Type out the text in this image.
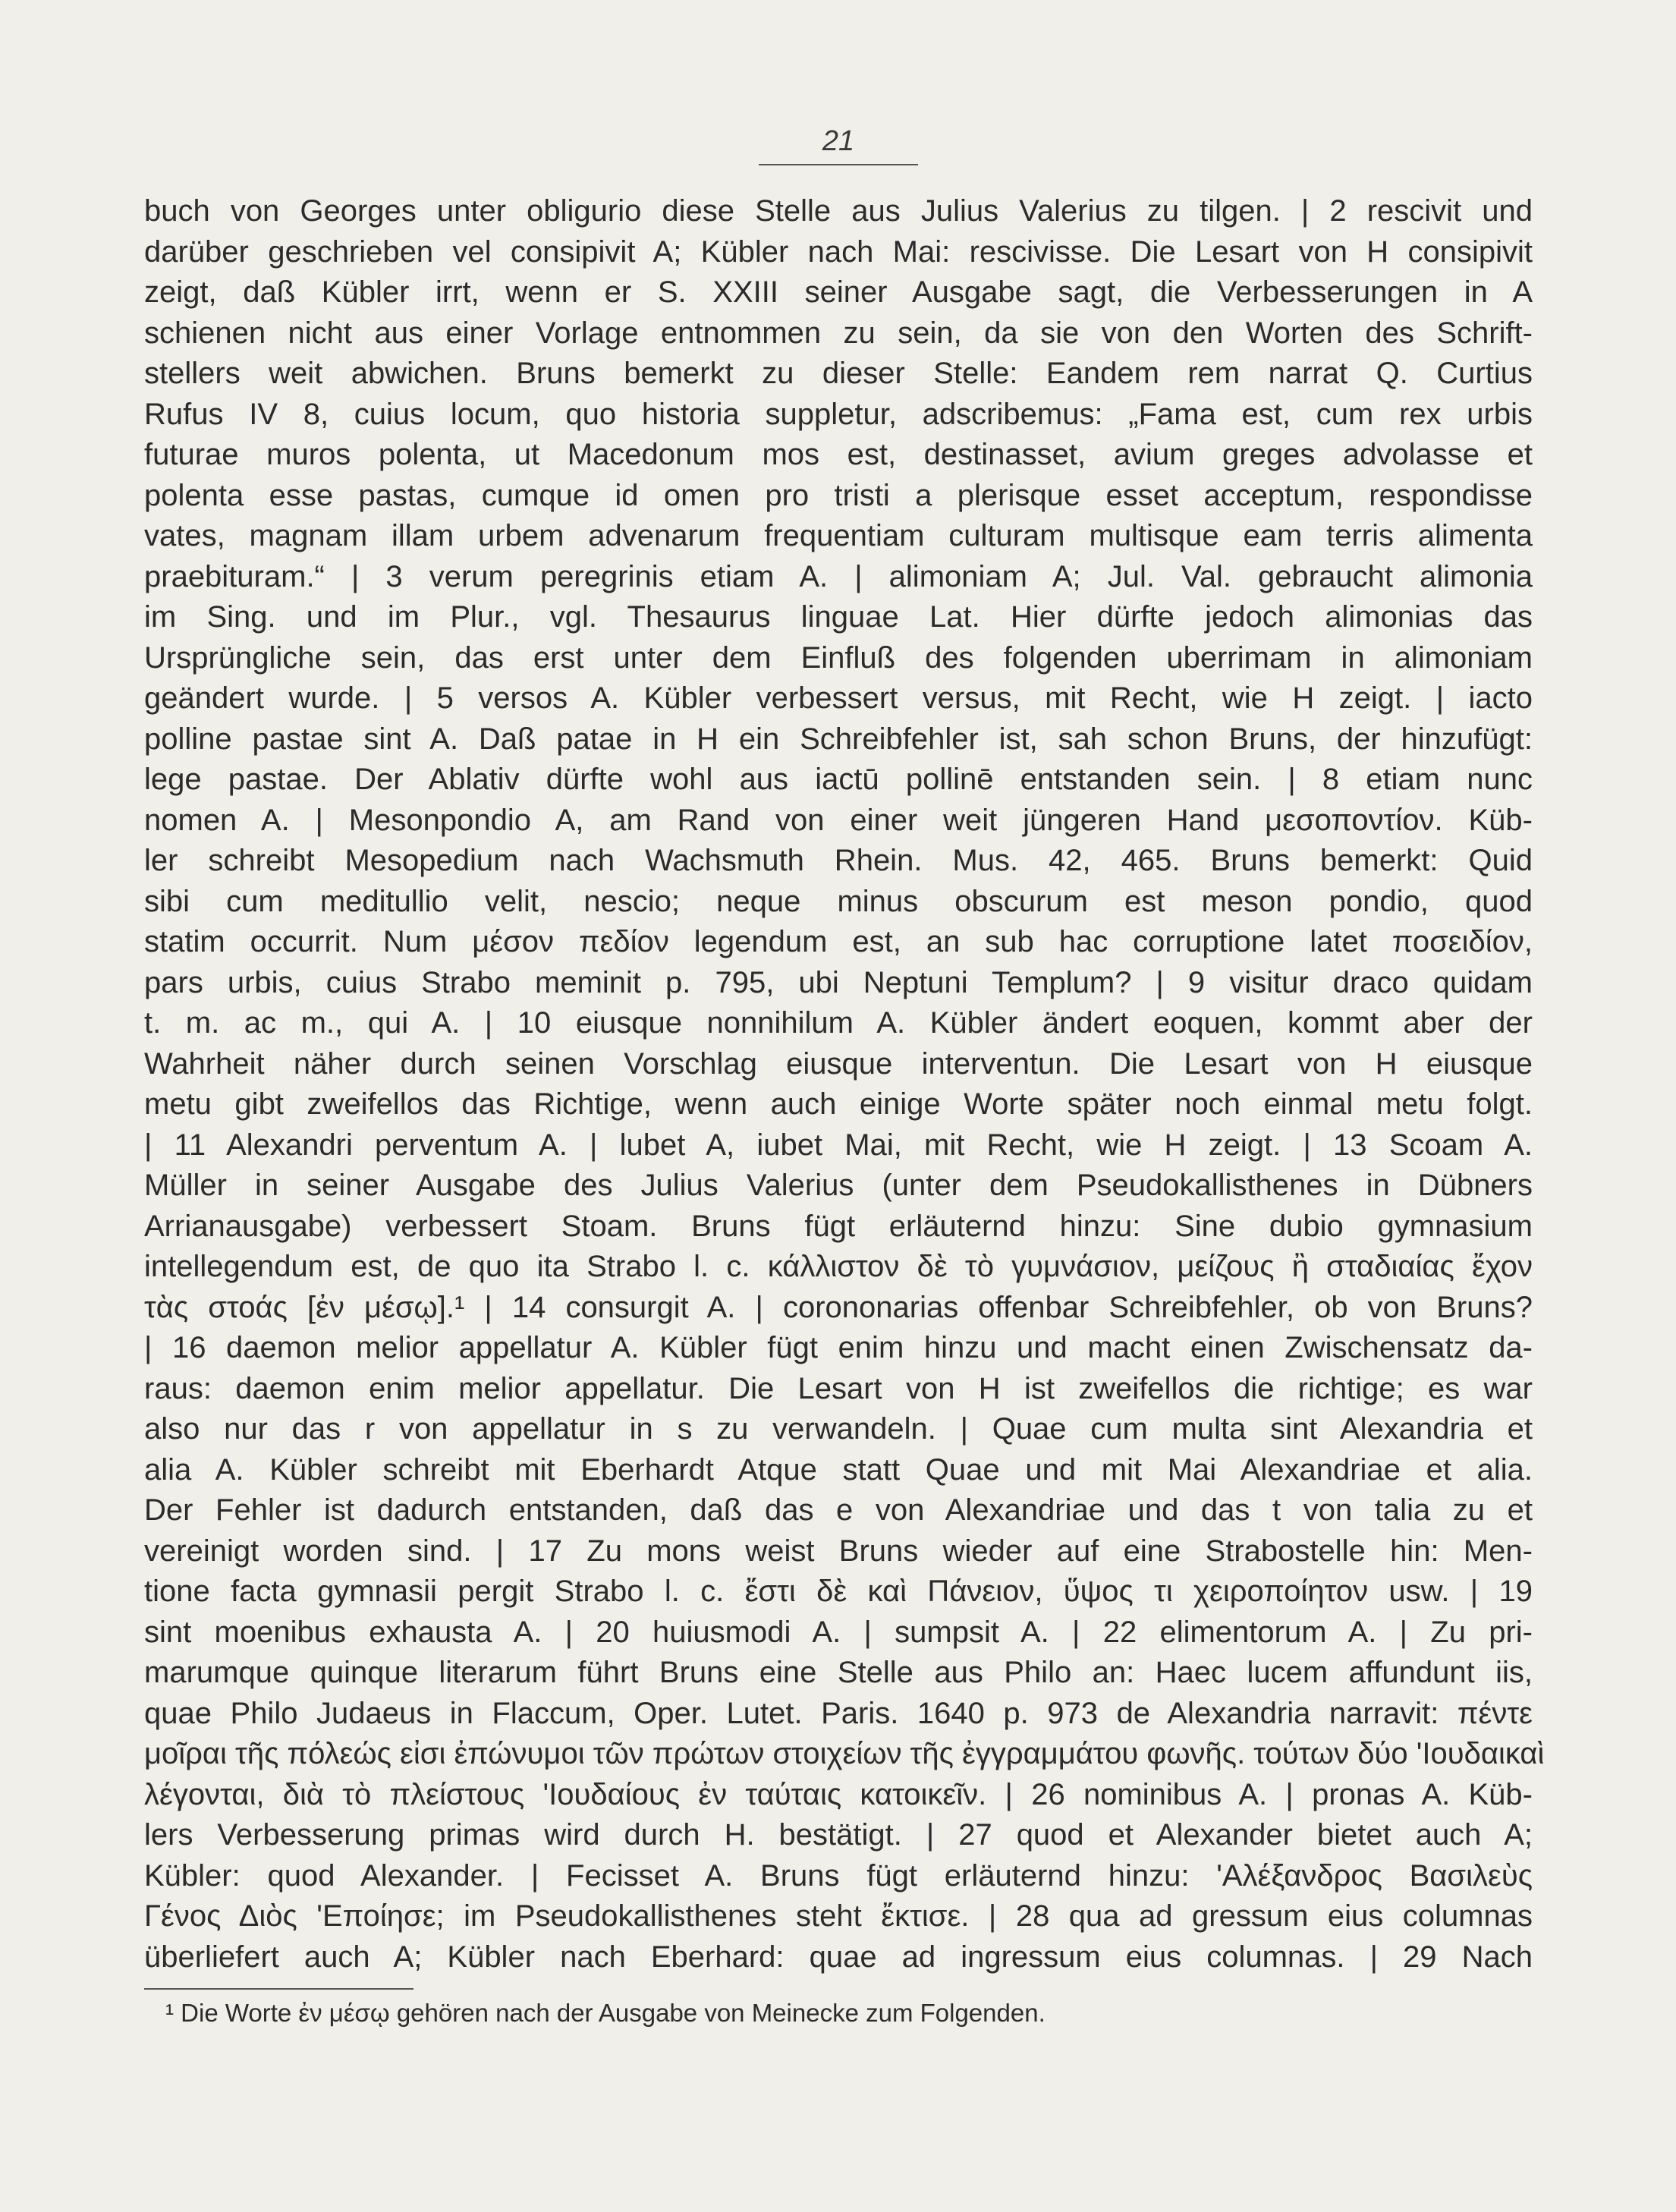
21
buch von Georges unter obligurio diese Stelle aus Julius Valerius zu tilgen. | 2 rescivit und
darüber geschrieben vel consipivit A; Kübler nach Mai: rescivisse. Die Lesart von H consipivit
zeigt, daß Kübler irrt, wenn er S. XXIII seiner Ausgabe sagt, die Verbesserungen in A
schienen nicht aus einer Vorlage entnommen zu sein, da sie von den Worten des Schrift-
stellers weit abwichen. Bruns bemerkt zu dieser Stelle: Eandem rem narrat Q. Curtius
Rufus IV 8, cuius locum, quo historia suppletur, adscribemus: „Fama est, cum rex urbis
futurae muros polenta, ut Macedonum mos est, destinasset, avium greges advolasse et
polenta esse pastas, cumque id omen pro tristi a plerisque esset acceptum, respondisse
vates, magnam illam urbem advenarum frequentiam culturam multisque eam terris alimenta
praebituram.“ | 3 verum peregrinis etiam A. | alimoniam A; Jul. Val. gebraucht alimonia
im Sing. und im Plur., vgl. Thesaurus linguae Lat. Hier dürfte jedoch alimonias das
Ursprüngliche sein, das erst unter dem Einfluß des folgenden uberrimam in alimoniam
geändert wurde. | 5 versos A. Kübler verbessert versus, mit Recht, wie H zeigt. | iacto
polline pastae sint A. Daß patae in H ein Schreibfehler ist, sah schon Bruns, der hinzufügt:
lege pastae. Der Ablativ dürfte wohl aus iactū pollinē entstanden sein. | 8 etiam nunc
nomen A. | Mesonpondio A, am Rand von einer weit jüngeren Hand μεσοποντίον. Küb-
ler schreibt Mesopedium nach Wachsmuth Rhein. Mus. 42, 465. Bruns bemerkt: Quid
sibi cum meditullio velit, nescio; neque minus obscurum est meson pondio, quod
statim occurrit. Num μέσον πεδίον legendum est, an sub hac corruptione latet ποσειδίον,
pars urbis, cuius Strabo meminit p. 795, ubi Neptuni Templum? | 9 visitur draco quidam
t. m. ac m., qui A. | 10 eiusque nonnihilum A. Kübler ändert eoquen, kommt aber der
Wahrheit näher durch seinen Vorschlag eiusque interventun. Die Lesart von H eiusque
metu gibt zweifellos das Richtige, wenn auch einige Worte später noch einmal metu folgt.
| 11 Alexandri perventum A. | lubet A, iubet Mai, mit Recht, wie H zeigt. | 13 Scoam A.
Müller in seiner Ausgabe des Julius Valerius (unter dem Pseudokallisthenes in Dübners
Arrianausgabe) verbessert Stoam. Bruns fügt erläuternd hinzu: Sine dubio gymnasium
intellegendum est, de quo ita Strabo l. c. κάλλιστον δὲ τὸ γυμνάσιον, μείζους ἢ σταδιαίας ἔχον
τὰς στοάς [ἐν μέσῳ].¹ | 14 consurgit A. | corononarias offenbar Schreibfehler, ob von Bruns?
| 16 daemon melior appellatur A. Kübler fügt enim hinzu und macht einen Zwischensatz da-
raus: daemon enim melior appellatur. Die Lesart von H ist zweifellos die richtige; es war
also nur das r von appellatur in s zu verwandeln. | Quae cum multa sint Alexandria et
alia A. Kübler schreibt mit Eberhardt Atque statt Quae und mit Mai Alexandriae et alia.
Der Fehler ist dadurch entstanden, daß das e von Alexandriae und das t von talia zu et
vereinigt worden sind. | 17 Zu mons weist Bruns wieder auf eine Strabostelle hin: Men-
tione facta gymnasii pergit Strabo l. c. ἔστι δὲ καὶ Πάνειον, ὕψος τι χειροποίητον usw. | 19
sint moenibus exhausta A. | 20 huiusmodi A. | sumpsit A. | 22 elimentorum A. | Zu pri-
marumque quinque literarum führt Bruns eine Stelle aus Philo an: Haec lucem affundunt iis,
quae Philo Judaeus in Flaccum, Oper. Lutet. Paris. 1640 p. 973 de Alexandria narravit: πέντε
μοῖραι τῆς πόλεώς εἰσι ἐπώνυμοι τῶν πρώτων στοιχείων τῆς ἐγγραμμάτου φωνῆς. τούτων δύο 'Ιουδαικαὶ
λέγονται, διὰ τὸ πλείστους 'Ιουδαίους ἐν ταύταις κατοικεῖν. | 26 nominibus A. | pronas A. Küb-
lers Verbesserung primas wird durch H. bestätigt. | 27 quod et Alexander bietet auch A;
Kübler: quod Alexander. | Fecisset A. Bruns fügt erläuternd hinzu: 'Αλέξανδρος Βασιλεὺς
Γένος Διὸς 'Εποίησε; im Pseudokallisthenes steht ἔκτισε. | 28 qua ad gressum eius columnas
überliefert auch A; Kübler nach Eberhard: quae ad ingressum eius columnas. | 29 Nach
¹ Die Worte ἐν μέσῳ gehören nach der Ausgabe von Meinecke zum Folgenden.
